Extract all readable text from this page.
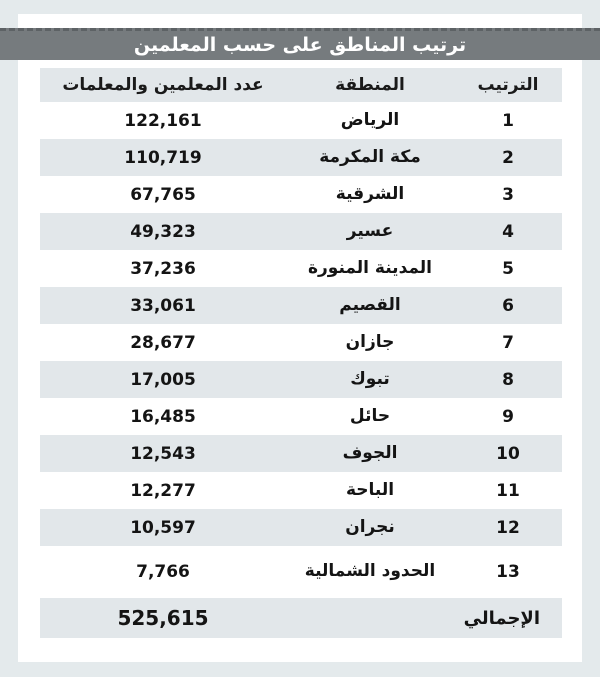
ترتيب المناطق على حسب المعلمين
الترتيب	المنطقة	عدد المعلمين والمعلمات
1	الرياض	122,161
2	مكة المكرمة	110,719
3	الشرقية	67,765
4	عسير	49,323
5	المدينة المنورة	37,236
6	القصيم	33,061
7	جازان	28,677
8	تبوك	17,005
9	حائل	16,485
10	الجوف	12,543
11	الباحة	12,277
12	نجران	10,597
13	الحدود الشمالية	7,766

الإجمالي		525,615
